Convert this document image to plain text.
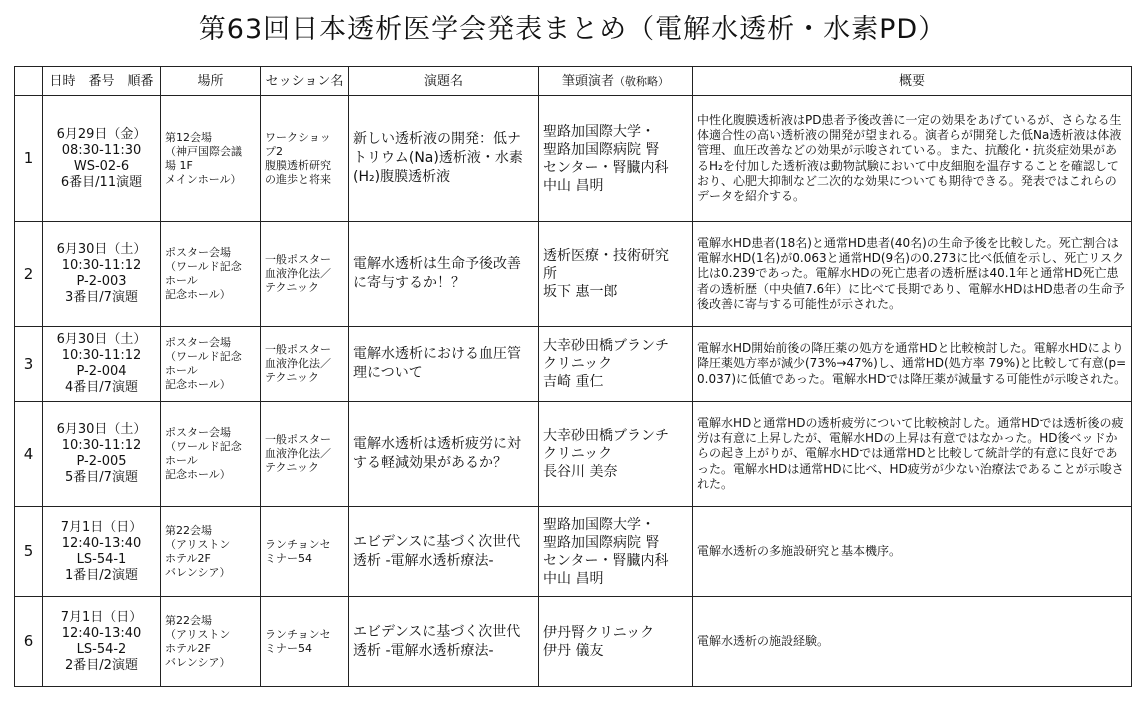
第63回日本透析医学会発表まとめ（電解水透析・水素PD）
	日時　番号　順番	場所	セッション名	演題名	筆頭演者（敬称略）	概要
1	6月29日（金）
08:30-11:30
WS-02-6
6番目/11演題	第12会場
（神戸国際会議
場 1F
メインホール）	ワークショッ
プ2
腹膜透析研究
の進歩と将来	新しい透析液の開発：低ナトリウム(Na)透析液・水素(H₂)腹膜透析液	聖路加国際大学・
聖路加国際病院 腎
センター・腎臓内科
中山 昌明	中性化腹膜透析液はPD患者予後改善に一定の効果をあげているが、さらなる生体適合性の高い透析液の開発が望まれる。演者らが開発した低Na透析液は体液管理、血圧改善などの効果が示唆されている。また、抗酸化・抗炎症効果があるH₂を付加した透析液は動物試験において中皮細胞を温存することを確認しており、心肥大抑制など二次的な効果についても期待できる。発表ではこれらのデータを紹介する。
2	6月30日（土）
10:30-11:12
P-2-003
3番目/7演題	ポスター会場
（ワールド記念
ホール
記念ホール）	一般ポスター
血液浄化法／
テクニック	電解水透析は生命予後改善に寄与するか！？	透析医療・技術研究
所
坂下 惠一郎	電解水HD患者(18名)と通常HD患者(40名)の生命予後を比較した。死亡割合は電解水HD(1名)が0.063と通常HD(9名)の0.273に比べ低値を示し、死亡リスク比は0.239であった。電解水HDの死亡患者の透析歴は40.1年と通常HD死亡患者の透析歴（中央値7.6年）に比べて長期であり、電解水HDはHD患者の生命予後改善に寄与する可能性が示された。
3	6月30日（土）
10:30-11:12
P-2-004
4番目/7演題	ポスター会場
（ワールド記念
ホール
記念ホール）	一般ポスター
血液浄化法／
テクニック	電解水透析における血圧管理について	大幸砂田橋ブランチ
クリニック
吉崎 重仁	電解水HD開始前後の降圧薬の処方を通常HDと比較検討した。電解水HDにより降圧薬処方率が減少(73%→47%)し、通常HD(処方率 79%)と比較して有意(p=0.037)に低値であった。電解水HDでは降圧薬が減量する可能性が示唆された。
4	6月30日（土）
10:30-11:12
P-2-005
5番目/7演題	ポスター会場
（ワールド記念
ホール
記念ホール）	一般ポスター
血液浄化法／
テクニック	電解水透析は透析疲労に対する軽減効果があるか？	大幸砂田橋ブランチ
クリニック
長谷川 美奈	電解水HDと通常HDの透析疲労について比較検討した。通常HDでは透析後の疲労は有意に上昇したが、電解水HDの上昇は有意ではなかった。HD後ベッドからの起き上がりが、電解水HDでは通常HDと比較して統計学的有意に良好であった。電解水HDは通常HDに比べ、HD疲労が少ない治療法であることが示唆された。
5	7月1日（日）
12:40-13:40
LS-54-1
1番目/2演題	第22会場
（アリストン
ホテル2F
バレンシア）	ランチョンセ
ミナー54	エビデンスに基づく次世代透析 -電解水透析療法-	聖路加国際大学・
聖路加国際病院 腎
センター・腎臓内科
中山 昌明	電解水透析の多施設研究と基本機序。
6	7月1日（日）
12:40-13:40
LS-54-2
2番目/2演題	第22会場
（アリストン
ホテル2F
バレンシア）	ランチョンセ
ミナー54	エビデンスに基づく次世代透析 -電解水透析療法-	伊丹腎クリニック
伊丹 儀友	電解水透析の施設経験。
